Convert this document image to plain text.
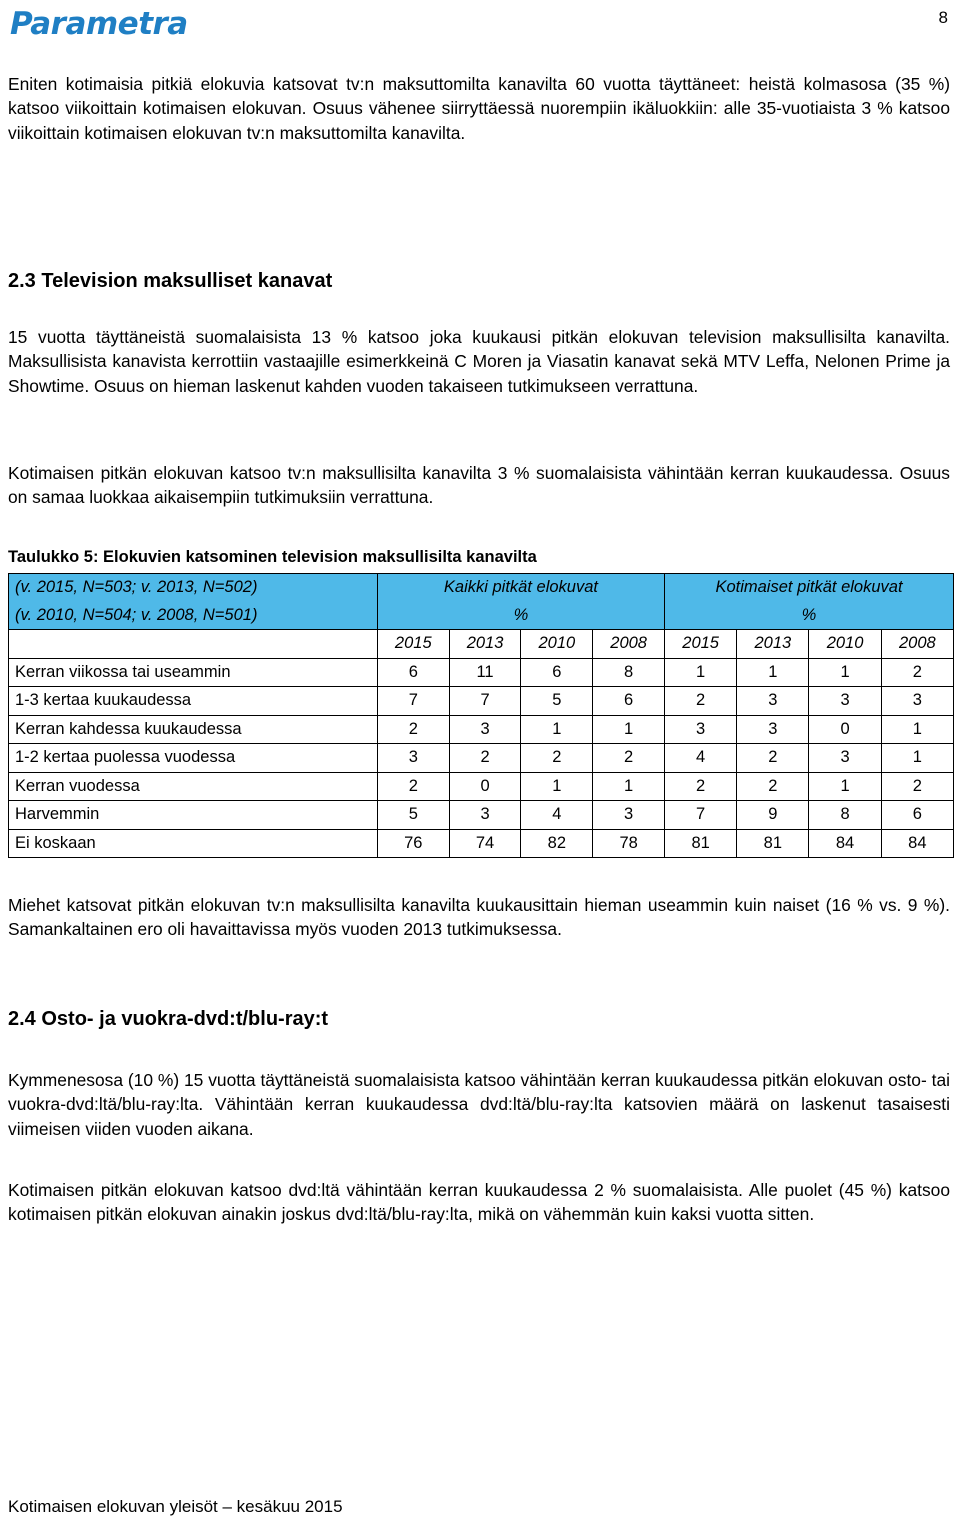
Parametra	8

Eniten kotimaisia pitkiä elokuvia katsovat tv:n maksuttomilta kanavilta 60 vuotta täyttäneet: heistä kolmasosa (35 %) katsoo viikoittain kotimaisen elokuvan. Osuus vähenee siirryttäessä nuorempiin ikäluokkiin: alle 35-vuotiaista 3 % katsoo viikoittain kotimaisen elokuvan tv:n maksuttomilta kanavilta.

2.3 Television maksulliset kanavat

15 vuotta täyttäneistä suomalaisista 13 % katsoo joka kuukausi pitkän elokuvan television maksullisilta kanavilta. Maksullisista kanavista kerrottiin vastaajille esimerkkeinä C Moren ja Viasatin kanavat sekä MTV Leffa, Nelonen Prime ja Showtime. Osuus on hieman laskenut kahden vuoden takaiseen tutkimukseen verrattuna.

Kotimaisen pitkän elokuvan katsoo tv:n maksullisilta kanavilta 3 % suomalaisista vähintään kerran kuukaudessa. Osuus on samaa luokkaa aikaisempiin tutkimuksiin verrattuna.

Taulukko 5: Elokuvien katsominen television maksullisilta kanavilta

(v. 2015, N=503; v. 2013, N=502)	Kaikki pitkät elokuvat				Kotimaiset pitkät elokuvat			
(v. 2010, N=504; v. 2008, N=501)	%				%			
	2015	2013	2010	2008	2015	2013	2010	2008
Kerran viikossa tai useammin	6	11	6	8	1	1	1	2
1-3 kertaa kuukaudessa	7	7	5	6	2	3	3	3
Kerran kahdessa kuukaudessa	2	3	1	1	3	3	0	1
1-2 kertaa puolessa vuodessa	3	2	2	2	4	2	3	1
Kerran vuodessa	2	0	1	1	2	2	1	2
Harvemmin	5	3	4	3	7	9	8	6
Ei koskaan	76	74	82	78	81	81	84	84

Miehet katsovat pitkän elokuvan tv:n maksullisilta kanavilta kuukausittain hieman useammin kuin naiset (16 % vs. 9 %). Samankaltainen ero oli havaittavissa myös vuoden 2013 tutkimuksessa.

2.4 Osto- ja vuokra-dvd:t/blu-ray:t

Kymmenesosa (10 %) 15 vuotta täyttäneistä suomalaisista katsoo vähintään kerran kuukaudessa pitkän elokuvan osto- tai vuokra-dvd:ltä/blu-ray:lta. Vähintään kerran kuukaudessa dvd:ltä/blu-ray:lta katsovien määrä on laskenut tasaisesti viimeisen viiden vuoden aikana.

Kotimaisen pitkän elokuvan katsoo dvd:ltä vähintään kerran kuukaudessa 2 % suomalaisista. Alle puolet (45 %) katsoo kotimaisen pitkän elokuvan ainakin joskus dvd:ltä/blu-ray:lta, mikä on vähemmän kuin kaksi vuotta sitten.

Kotimaisen elokuvan yleisöt – kesäkuu 2015
